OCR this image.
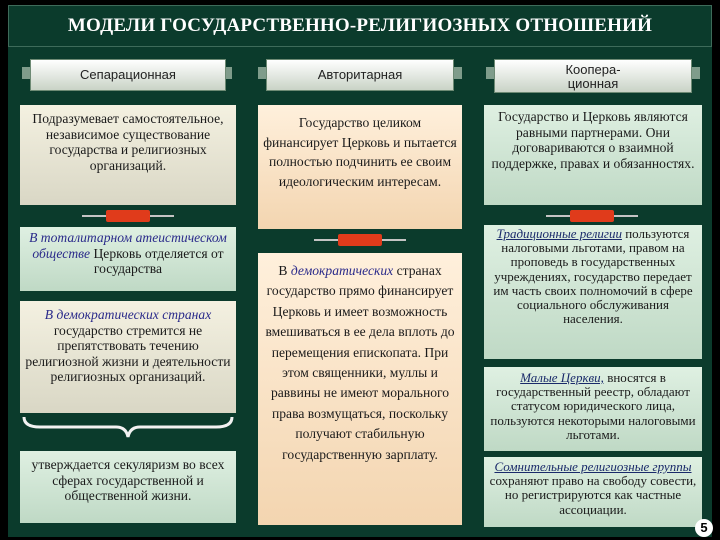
МОДЕЛИ ГОСУДАРСТВЕННО-РЕЛИГИОЗНЫХ ОТНОШЕНИЙ
Сепарационная
Подразумевает самостоятельное, независимое существование государства и религиозных организаций.
В тоталитарном атеистическом обществе Церковь отделяется от государства
В демократических странах государство стремится не препятствовать течению религиозной жизни и деятельности религиозных организаций.
утверждается секуляризм во всех сферах государственной и общественной жизни.
Авторитарная
Государство целиком финансирует Церковь и пытается полностью подчинить ее своим идеологическим интересам.
В демократических странах государство прямо финансирует Церковь и имеет возможность вмешиваться в ее дела вплоть до перемещения епископата. При этом священники, муллы и раввины не имеют морального права возмущаться, поскольку получают стабильную государственную зарплату.
Коопера-
ционная
Государство и Церковь являются равными партнерами. Они договариваются о взаимной поддержке, правах и обязанностях.
Традиционные религии пользуются налоговыми льготами, правом на проповедь в государственных учреждениях, государство передает им часть своих полномочий в сфере социального обслуживания населения.
Малые Церкви, вносятся в государственный реестр, обладают статусом юридического лица, пользуются некоторыми налоговыми льготами.
Сомнительные религиозные группы сохраняют право на свободу совести, но регистрируются как частные ассоциации.
5
